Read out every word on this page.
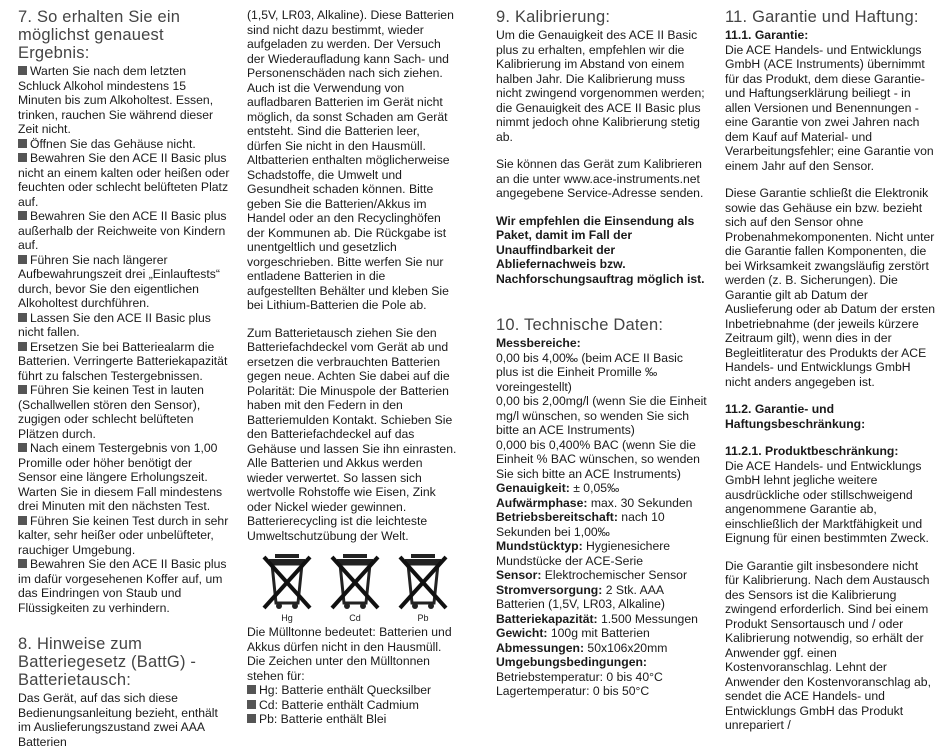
7. So erhalten Sie ein möglichst genauest Ergebnis:

Warten Sie nach dem letzten Schluck Alkohol mindestens 15 Minuten bis zum Alkoholtest. Essen, trinken, rauchen Sie während dieser Zeit nicht.

Öffnen Sie das Gehäuse nicht.

Bewahren Sie den ACE II Basic plus nicht an einem kalten oder heißen oder feuchten oder schlecht belüfteten Platz auf.

Bewahren Sie den ACE II Basic plus außerhalb der Reichweite von Kindern auf.

Führen Sie nach längerer Aufbewahrungszeit drei „Einlauftests“ durch, bevor Sie den eigentlichen Alkoholtest durchführen.

Lassen Sie den ACE II Basic plus nicht fallen.

Ersetzen Sie bei Batteriealarm die Batterien. Verringerte Batteriekapazität führt zu falschen Testergebnissen.

Führen Sie keinen Test in lauten (Schallwellen stören den Sensor), zugigen oder schlecht belüfteten Plätzen durch.

Nach einem Testergebnis von 1,00 Promille oder höher benötigt der Sensor eine längere Erholungszeit. Warten Sie in diesem Fall mindestens drei Minuten mit den nächsten Test.

Führen Sie keinen Test durch in sehr kalter, sehr heißer oder unbelüfteter, rauchiger Umgebung.

Bewahren Sie den ACE II Basic plus im dafür vorgesehenen Koffer auf, um das Eindringen von Staub und Flüssigkeiten zu verhindern.

8. Hinweise zum Batteriegesetz (BattG) - Batterietausch:

Das Gerät, auf das sich diese Bedienungsanleitung bezieht, enthält im Auslieferungszustand zwei AAA Batterien

(1,5V, LR03, Alkaline). Diese Batterien sind nicht dazu bestimmt, wieder aufgeladen zu werden. Der Versuch der Wiederaufladung kann Sach- und Personenschäden nach sich ziehen. Auch ist die Verwendung von aufladbaren Batterien im Gerät nicht möglich, da sonst Schaden am Gerät entsteht. Sind die Batterien leer, dürfen Sie nicht in den Hausmüll. Altbatterien enthalten möglicherweise Schadstoffe, die Umwelt und Gesundheit schaden können. Bitte geben Sie die Batterien/Akkus im Handel oder an den Recyclinghöfen der Kommunen ab. Die Rückgabe ist unentgeltlich und gesetzlich vorgeschrieben. Bitte werfen Sie nur entladene Batterien in die aufgestellten Behälter und kleben Sie bei Lithium-Batterien die Pole ab.

Zum Batterietausch ziehen Sie den Batteriefachdeckel vom Gerät ab und ersetzen die verbrauchten Batterien gegen neue. Achten Sie dabei auf die Polarität: Die Minuspole der Batterien haben mit den Federn in den Batteriemulden Kontakt. Schieben Sie den Batteriefachdeckel auf das Gehäuse und lassen Sie ihn einrasten. Alle Batterien und Akkus werden wieder verwertet. So lassen sich wertvolle Rohstoffe wie Eisen, Zink oder Nickel wieder gewinnen. Batterierecycling ist die leichteste Umweltschutzübung der Welt.

Hg	Cd	Pb

Die Mülltonne bedeutet: Batterien und Akkus dürfen nicht in den Hausmüll. Die Zeichen unter den Mülltonnen stehen für:

Hg: Batterie enthält Quecksilber

Cd: Batterie enthält Cadmium

Pb: Batterie enthält Blei

9. Kalibrierung:

Um die Genauigkeit des ACE II Basic plus zu erhalten, empfehlen wir die Kalibrierung im Abstand von einem halben Jahr. Die Kalibrierung muss nicht zwingend vorgenommen werden; die Genauigkeit des ACE II Basic plus nimmt jedoch ohne Kalibrierung stetig ab.

Sie können das Gerät zum Kalibrieren an die unter www.ace-instruments.net angegebene Service-Adresse senden.

Wir empfehlen die Einsendung als Paket, damit im Fall der Unauffindbarkeit der Abliefernachweis bzw. Nachforschungsauftrag möglich ist.

10. Technische Daten:

Messbereiche:

0,00 bis 4,00‰ (beim ACE II Basic plus ist die Einheit Promille ‰ voreingestellt)

0,00 bis 2,00mg/l (wenn Sie die Einheit mg/l wünschen, so wenden Sie sich bitte an ACE Instruments)

0,000 bis 0,400% BAC (wenn Sie die Einheit % BAC wünschen, so wenden Sie sich bitte an ACE Instruments)

Genauigkeit: ± 0,05‰

Aufwärmphase: max. 30 Sekunden

Betriebsbereitschaft: nach 10 Sekunden bei 1,00‰

Mundstücktyp: Hygienesichere Mundstücke der ACE-Serie

Sensor: Elektrochemischer Sensor

Stromversorgung: 2 Stk. AAA Batterien (1,5V, LR03, Alkaline)

Batteriekapazität: 1.500 Messungen

Gewicht: 100g mit Batterien

Abmessungen: 50x106x20mm

Umgebungsbedingungen:

Betriebstemperatur: 0 bis 40°C

Lagertemperatur: 0 bis 50°C

11. Garantie und Haftung:

11.1. Garantie:

Die ACE Handels- und Entwicklungs GmbH (ACE Instruments) übernimmt für das Produkt, dem diese Garantie- und Haftungserklärung beiliegt - in allen Versionen und Benennungen - eine Garantie von zwei Jahren nach dem Kauf auf Material- und Verarbeitungsfehler; eine Garantie von einem Jahr auf den Sensor.

Diese Garantie schließt die Elektronik sowie das Gehäuse ein bzw. bezieht sich auf den Sensor ohne Probenahmekomponenten. Nicht unter die Garantie fallen Komponenten, die bei Wirksamkeit zwangsläufig zerstört werden (z. B. Sicherungen). Die Garantie gilt ab Datum der Auslieferung oder ab Datum der ersten Inbetriebnahme (der jeweils kürzere Zeitraum gilt), wenn dies in der Begleitliteratur des Produkts der ACE Handels- und Entwicklungs GmbH nicht anders angegeben ist.

11.2. Garantie- und Haftungsbeschränkung:

11.2.1. Produktbeschränkung:

Die ACE Handels- und Entwicklungs GmbH lehnt jegliche weitere ausdrückliche oder stillschweigend angenommene Garantie ab, einschließlich der Marktfähigkeit und Eignung für einen bestimmten Zweck.

Die Garantie gilt insbesondere nicht für Kalibrierung. Nach dem Austausch des Sensors ist die Kalibrierung zwingend erforderlich. Sind bei einem Produkt Sensortausch und / oder Kalibrierung notwendig, so erhält der Anwender ggf. einen Kostenvoranschlag. Lehnt der Anwender den Kostenvoranschlag ab, sendet die ACE Handels- und Entwicklungs GmbH das Produkt unrepariert /
